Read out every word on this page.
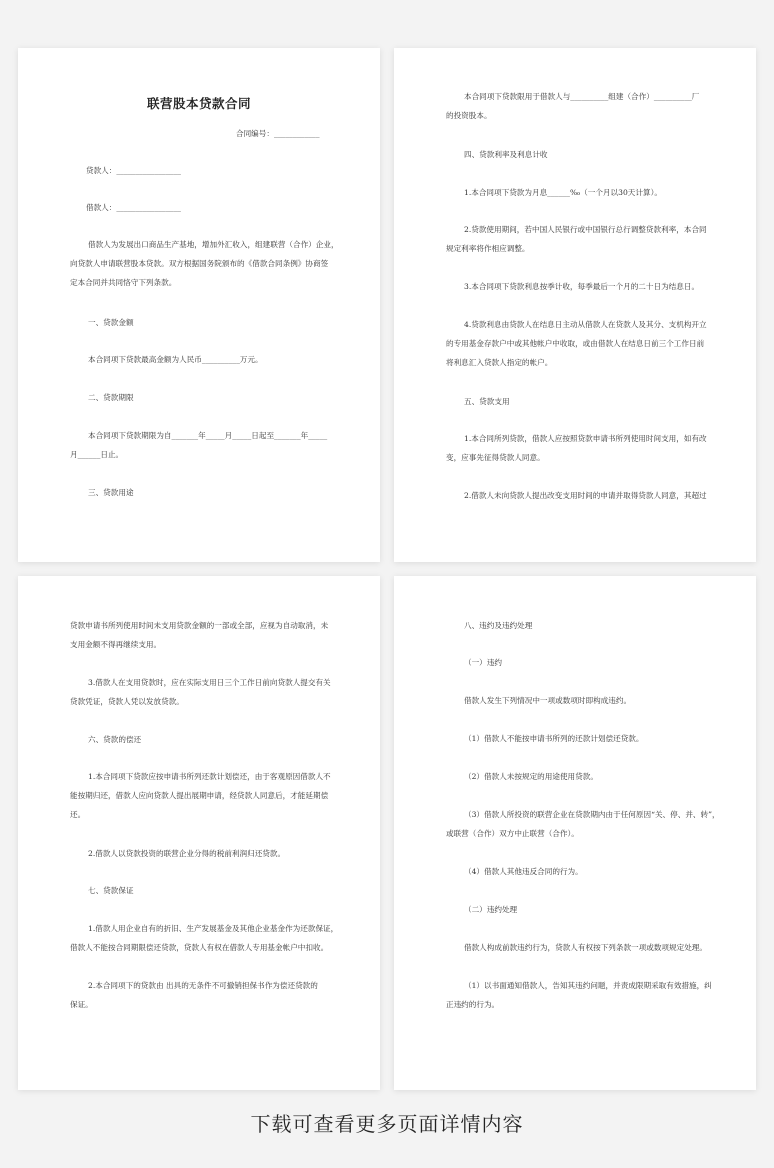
联营股本贷款合同

合同编号：____________

贷款人：_________________

借款人：_________________

借款人为发展出口商品生产基地，增加外汇收入，组建联营（合作）企业，

向贷款人申请联营股本贷款。双方根据国务院颁布的《借款合同条例》协商签

定本合同并共同恪守下列条款。

一、贷款金额

本合同项下贷款最高金额为人民币__________万元。

二、贷款期限

本合同项下贷款期限为自_______年_____月_____日起至_______年_____

月______日止。

三、贷款用途

本合同项下贷款限用于借款人与__________组建（合作）__________厂

的投资股本。

四、贷款利率及利息计收

1.本合同项下贷款为月息______‰（一个月以30天计算）。

2.贷款使用期间，若中国人民银行或中国银行总行调整贷款利率，本合同

规定利率将作相应调整。

3.本合同项下贷款利息按季计收，每季最后一个月的二十日为结息日。

4.贷款利息由贷款人在结息日主动从借款人在贷款人及其分、支机构开立

的专用基金存款户中或其他帐户中收取，或由借款人在结息日前三个工作日前

将利息汇入贷款人指定的帐户。

五、贷款支用

1.本合同所列贷款，借款人应按照贷款申请书所列使用时间支用，如有改

变，应事先征得贷款人同意。

2.借款人未向贷款人提出改变支用时间的申请并取得贷款人同意，其超过

贷款申请书所列使用时间未支用贷款金额的一部或全部，应视为自动取消，未

支用金额不得再继续支用。

3.借款人在支用贷款时，应在实际支用日三个工作日前向贷款人提交有关

贷款凭证，贷款人凭以发放贷款。

六、贷款的偿还

1.本合同项下贷款应按申请书所列还款计划偿还，由于客观原因借款人不

能按期归还，借款人应向贷款人提出展期申请，经贷款人同意后，才能延期偿

还。

2.借款人以贷款投资的联营企业分得的税前利润归还贷款。

七、贷款保证

1.借款人用企业自有的折旧、生产发展基金及其他企业基金作为还款保证，

借款人不能按合同期限偿还贷款，贷款人有权在借款人专用基金帐户中扣收。

2.本合同项下的贷款由 出具的无条件不可撤销担保书作为偿还贷款的

保证。

八、违约及违约处理

（一）违约

借款人发生下列情况中一项或数项时即构成违约。

（1）借款人不能按申请书所列的还款计划偿还贷款。

（2）借款人未按规定的用途使用贷款。

（3）借款人所投资的联营企业在贷款期内由于任何原因“关、停、并、转”，

或联营（合作）双方中止联营（合作）。

（4）借款人其他违反合同的行为。

（二）违约处理

借款人构成前款违约行为，贷款人有权按下列条款一项或数项规定处理。

（1）以书面通知借款人，告知其违约问题，并责成限期采取有效措施，纠

正违约的行为。

下载可查看更多页面详情内容
